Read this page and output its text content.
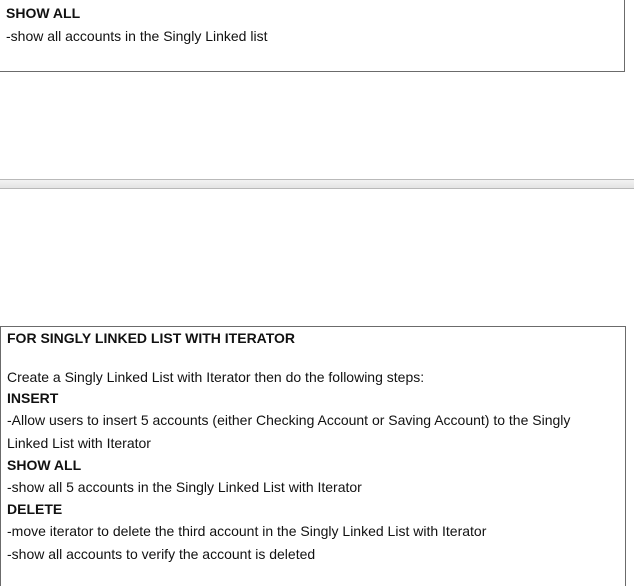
SHOW ALL
-show all accounts in the Singly Linked list
FOR SINGLY LINKED LIST WITH ITERATOR
Create a Singly Linked List with Iterator then do the following steps:
INSERT
-Allow users to insert 5 accounts (either Checking Account or Saving Account) to the Singly
Linked List with Iterator
SHOW ALL
-show all 5 accounts in the Singly Linked List with Iterator
DELETE
-move iterator to delete the third account in the Singly Linked List with Iterator
-show all accounts to verify the account is deleted
